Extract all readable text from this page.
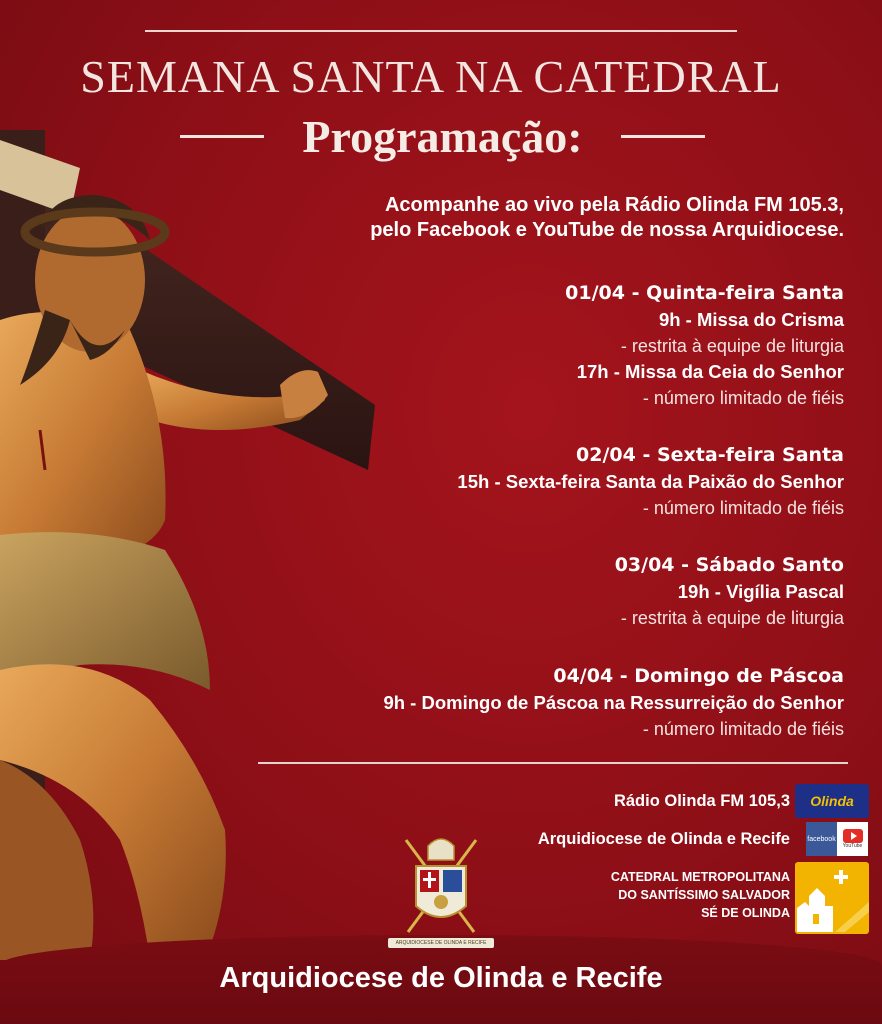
SEMANA SANTA NA CATEDRAL
Programação:
Acompanhe ao vivo pela Rádio Olinda FM 105.3,
pelo Facebook e YouTube de nossa Arquidiocese.
01/04 - Quinta-feira Santa
9h - Missa do Crisma
- restrita à equipe de liturgia
17h - Missa da Ceia do Senhor
- número limitado de fiéis
02/04 - Sexta-feira Santa
15h - Sexta-feira Santa da Paixão do Senhor
- número limitado de fiéis
03/04 - Sábado Santo
19h - Vigília Pascal
- restrita à equipe de liturgia
04/04 - Domingo de Páscoa
9h - Domingo de Páscoa na Ressurreição do Senhor
- número limitado de fiéis
Rádio Olinda FM 105,3 Olinda
Arquidiocese de Olinda e Recife facebook
YouTube
CATEDRAL METROPOLITANA
DO SANTÍSSIMO SALVADOR
SÉ DE OLINDA
ARQUIDIOCESE DE OLINDA E RECIFE
Arquidiocese de Olinda e Recife
